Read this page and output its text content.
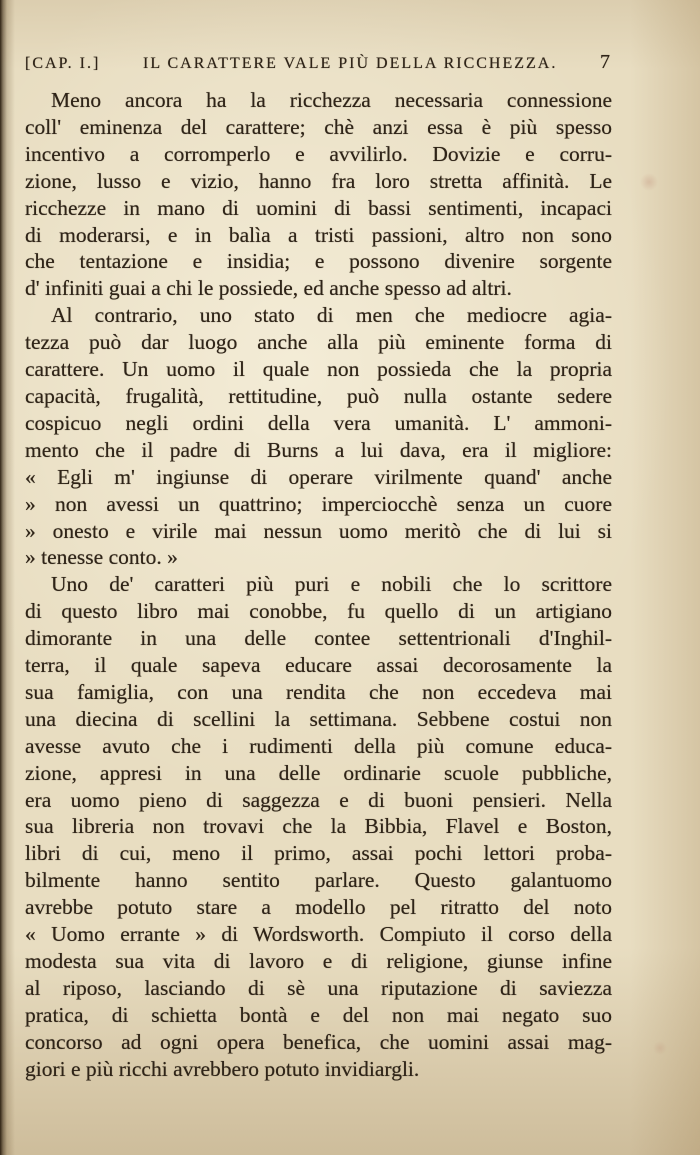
[CAP. I.]	IL CARATTERE VALE PIÙ DELLA RICCHEZZA.	7
Meno ancora ha la ricchezza necessaria connessione
coll' eminenza del carattere; chè anzi essa è più spesso
incentivo a corromperlo e avvilirlo. Dovizie e corru-
zione, lusso e vizio, hanno fra loro stretta affinità. Le
ricchezze in mano di uomini di bassi sentimenti, incapaci
di moderarsi, e in balìa a tristi passioni, altro non sono
che tentazione e insidia; e possono divenire sorgente
d' infiniti guai a chi le possiede, ed anche spesso ad altri.
Al contrario, uno stato di men che mediocre agia-
tezza può dar luogo anche alla più eminente forma di
carattere. Un uomo il quale non possieda che la propria
capacità, frugalità, rettitudine, può nulla ostante sedere
cospicuo negli ordini della vera umanità. L' ammoni-
mento che il padre di Burns a lui dava, era il migliore:
« Egli m' ingiunse di operare virilmente quand' anche
» non avessi un quattrino; imperciocchè senza un cuore
» onesto e virile mai nessun uomo meritò che di lui si
» tenesse conto. »
Uno de' caratteri più puri e nobili che lo scrittore
di questo libro mai conobbe, fu quello di un artigiano
dimorante in una delle contee settentrionali d'Inghil-
terra, il quale sapeva educare assai decorosamente la
sua famiglia, con una rendita che non eccedeva mai
una diecina di scellini la settimana. Sebbene costui non
avesse avuto che i rudimenti della più comune educa-
zione, appresi in una delle ordinarie scuole pubbliche,
era uomo pieno di saggezza e di buoni pensieri. Nella
sua libreria non trovavi che la Bibbia, Flavel e Boston,
libri di cui, meno il primo, assai pochi lettori proba-
bilmente hanno sentito parlare. Questo galantuomo
avrebbe potuto stare a modello pel ritratto del noto
« Uomo errante » di Wordsworth. Compiuto il corso della
modesta sua vita di lavoro e di religione, giunse infine
al riposo, lasciando di sè una riputazione di saviezza
pratica, di schietta bontà e del non mai negato suo
concorso ad ogni opera benefica, che uomini assai mag-
giori e più ricchi avrebbero potuto invidiargli.
